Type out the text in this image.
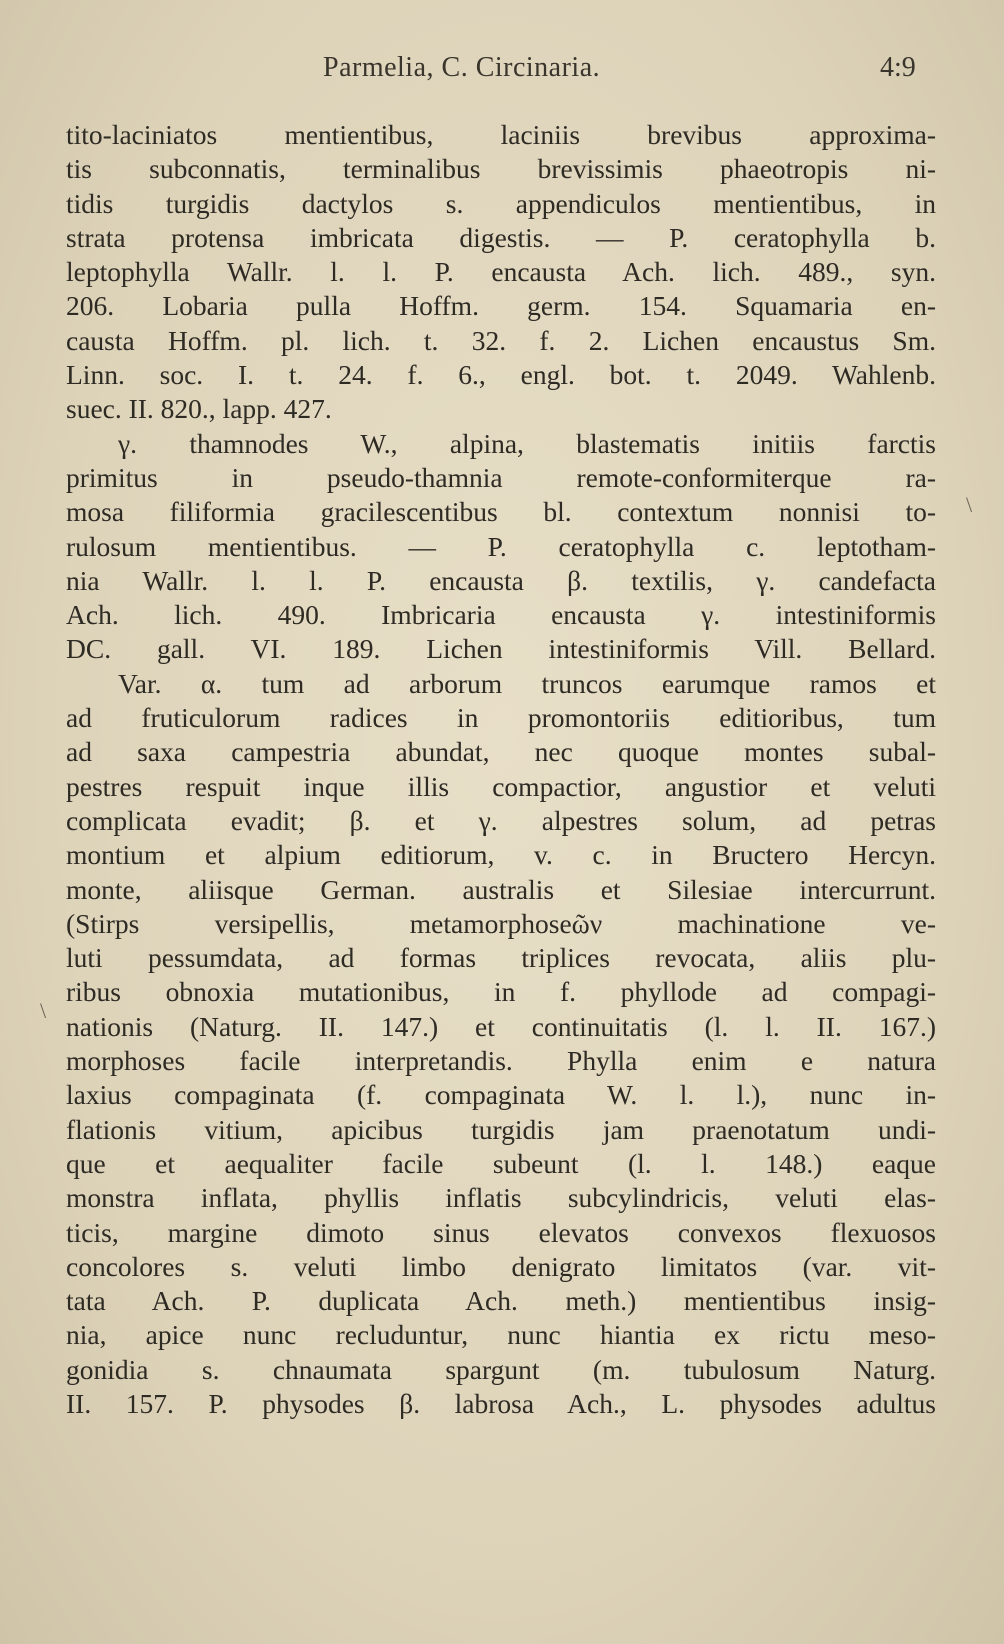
Parmelia, C. Circinaria.	4:9
tito-laciniatos mentientibus, laciniis brevibus approxima-
tis subconnatis, terminalibus brevissimis phaeotropis ni-
tidis turgidis dactylos s. appendiculos mentientibus, in
strata protensa imbricata digestis. — P. ceratophylla b.
leptophylla Wallr. l. l. P. encausta Ach. lich. 489., syn.
206. Lobaria pulla Hoffm. germ. 154. Squamaria en-
causta Hoffm. pl. lich. t. 32. f. 2. Lichen encaustus Sm.
Linn. soc. I. t. 24. f. 6., engl. bot. t. 2049. Wahlenb.
suec. II. 820., lapp. 427.
γ. thamnodes W., alpina, blastematis initiis farctis
primitus in pseudo-thamnia remote-conformiterque ra-
mosa filiformia gracilescentibus bl. contextum nonnisi to-
rulosum mentientibus. — P. ceratophylla c. leptotham-
nia Wallr. l. l. P. encausta β. textilis, γ. candefacta
Ach. lich. 490. Imbricaria encausta γ. intestiniformis
DC. gall. VI. 189. Lichen intestiniformis Vill. Bellard.
Var. α. tum ad arborum truncos earumque ramos et
ad fruticulorum radices in promontoriis editioribus, tum
ad saxa campestria abundat, nec quoque montes subal-
pestres respuit inque illis compactior, angustior et veluti
complicata evadit; β. et γ. alpestres solum, ad petras
montium et alpium editiorum, v. c. in Bructero Hercyn.
monte, aliisque German. australis et Silesiae intercurrunt.
(Stirps versipellis, metamorphoseῶν machinatione ve-
luti pessumdata, ad formas triplices revocata, aliis plu-
ribus obnoxia mutationibus, in f. phyllode ad compagi-
nationis (Naturg. II. 147.) et continuitatis (l. l. II. 167.)
morphoses facile interpretandis. Phylla enim e natura
laxius compaginata (f. compaginata W. l. l.), nunc in-
flationis vitium, apicibus turgidis jam praenotatum undi-
que et aequaliter facile subeunt (l. l. 148.) eaque
monstra inflata, phyllis inflatis subcylindricis, veluti elas-
ticis, margine dimoto sinus elevatos convexos flexuosos
concolores s. veluti limbo denigrato limitatos (var. vit-
tata Ach. P. duplicata Ach. meth.) mentientibus insig-
nia, apice nunc recluduntur, nunc hiantia ex rictu meso-
gonidia s. chnaumata spargunt (m. tubulosum Naturg.
II. 157. P. physodes β. labrosa Ach., L. physodes adultus
\
\
